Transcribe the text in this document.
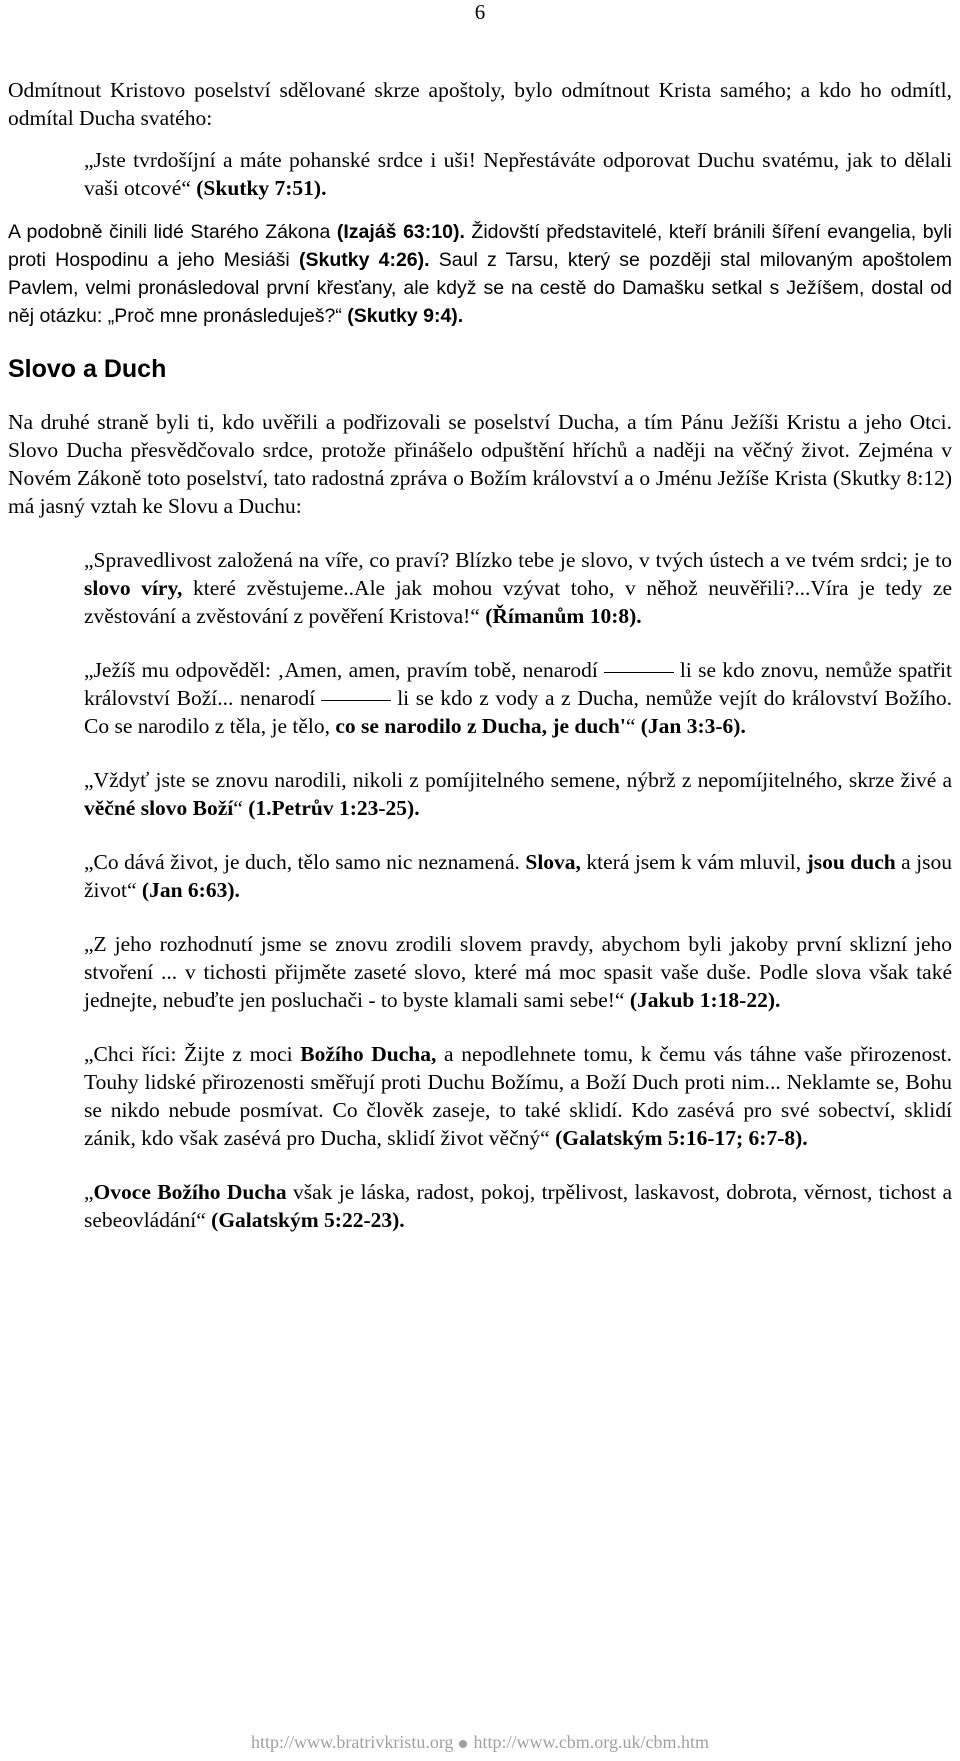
6

Odmítnout Kristovo poselství sdělované skrze apoštoly, bylo odmítnout Krista samého; a kdo ho odmítl, odmítal Ducha svatého:

„Jste tvrdošíjní a máte pohanské srdce i uši! Nepřestáváte odporovat Duchu svatému, jak to dělali vaši otcové“ (Skutky 7:51).

A podobně činili lidé Starého Zákona (Izajáš 63:10). Židovští představitelé, kteří bránili šíření evangelia, byli proti Hospodinu a jeho Mesiáši (Skutky 4:26). Saul z Tarsu, který se později stal milovaným apoštolem Pavlem, velmi pronásledoval první křesťany, ale když se na cestě do Damašku setkal s Ježíšem, dostal od něj otázku: „Proč mne pronásleduješ?“ (Skutky 9:4).

Slovo a Duch

Na druhé straně byli ti, kdo uvěřili a podřizovali se poselství Ducha, a tím Pánu Ježíši Kristu a jeho Otci. Slovo Ducha přesvědčovalo srdce, protože přinášelo odpuštění hříchů a naději na věčný život. Zejména v Novém Zákoně toto poselství, tato radostná zpráva o Božím království a o Jménu Ježíše Krista (Skutky 8:12) má jasný vztah ke Slovu a Duchu:

„Spravedlivost založená na víře, co praví? Blízko tebe je slovo, v tvých ústech a ve tvém srdci; je to slovo víry, které zvěstujeme..Ale jak mohou vzývat toho, v něhož neuvěřili?...Víra je tedy ze zvěstování a zvěstování z pověření Kristova!“ (Římanům 10:8).

„Ježíš mu odpověděl: ‚Amen, amen, pravím tobě, nenarodí	li se kdo znovu, nemůže spatřit království Boží... nenarodí	li se kdo z vody a z Ducha, nemůže vejít do království Božího. Co se narodilo z těla, je tělo, co se narodilo z Ducha, je duch'“ (Jan 3:3-6).

„Vždyť jste se znovu narodili, nikoli z pomíjitelného semene, nýbrž z nepomíjitelného, skrze živé a věčné slovo Boží“ (1.Petrův 1:23-25).

„Co dává život, je duch, tělo samo nic neznamená. Slova, která jsem k vám mluvil, jsou duch a jsou život“ (Jan 6:63).

„Z jeho rozhodnutí jsme se znovu zrodili slovem pravdy, abychom byli jakoby první sklizní jeho stvoření ... v tichosti přijměte zaseté slovo, které má moc spasit vaše duše. Podle slova však také jednejte, nebuďte jen posluchači - to byste klamali sami sebe!“ (Jakub 1:18-22).

„Chci říci: Žijte z moci Božího Ducha, a nepodlehnete tomu, k čemu vás táhne vaše přirozenost. Touhy lidské přirozenosti směřují proti Duchu Božímu, a Boží Duch proti nim... Neklamte se, Bohu se nikdo nebude posmívat. Co člověk zaseje, to také sklidí. Kdo zasévá pro své sobectví, sklidí zánik, kdo však zasévá pro Ducha, sklidí život věčný“ (Galatským 5:16-17; 6:7-8).

„Ovoce Božího Ducha však je láska, radost, pokoj, trpělivost, laskavost, dobrota, věrnost, tichost a sebeovládání“ (Galatským 5:22-23).

http://www.bratrivkristu.org http://www.cbm.org.uk/cbm.htm
